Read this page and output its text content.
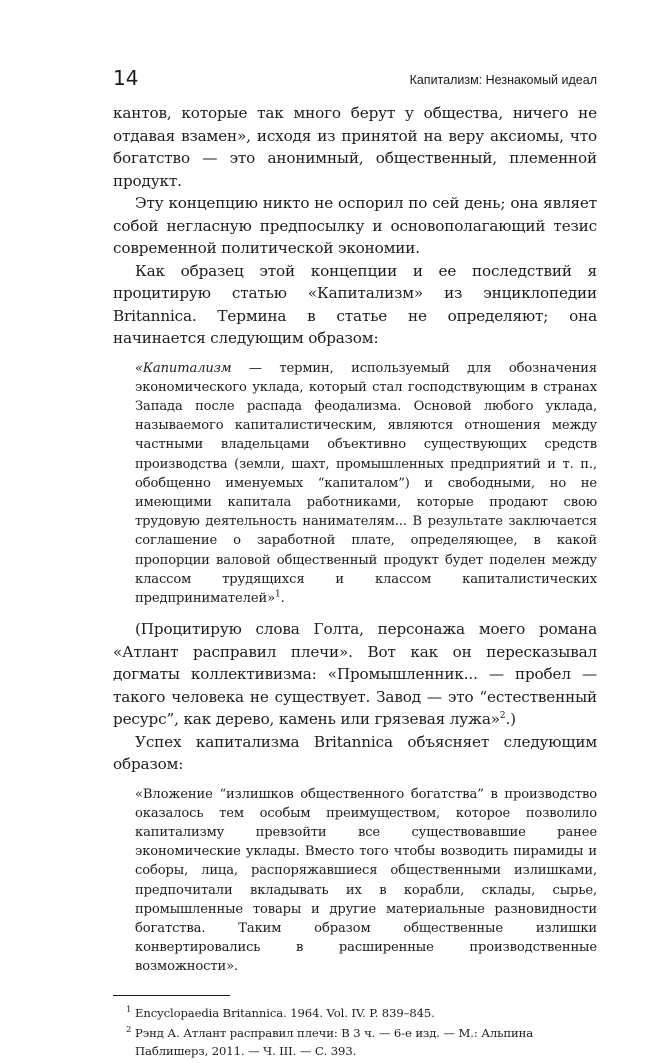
14	Капитализм: Незнакомый идеал

кантов, которые так много берут у общества, ничего не отдавая взамен», исходя из принятой на веру аксиомы, что богатство — это анонимный, общественный, племенной продукт.

Эту концепцию никто не оспорил по сей день; она являет собой негласную предпосылку и основополагающий тезис современной политической экономии.

Как образец этой концепции и ее последствий я процитирую статью «Капитализм» из энциклопедии Britannica. Термина в статье не определяют; она начинается следующим образом:

«Капитализм — термин, используемый для обозначения экономического уклада, который стал господствующим в странах Запада после распада феодализма. Основой любого уклада, называемого капиталистическим, являются отношения между частными владельцами объективно существующих средств производства (земли, шахт, промышленных предприятий и т. п., обобщенно именуемых “капиталом”) и свободными, но не имеющими капитала работниками, которые продают свою трудовую деятельность нанимателям... В результате заключается соглашение о заработной плате, определяющее, в какой пропорции валовой общественный продукт будет поделен между классом трудящихся и классом капиталистических предпринимателей»$^1$.

(Процитирую слова Голта, персонажа моего романа «Атлант расправил плечи». Вот как он пересказывал догматы коллективизма: «Промышленник... — пробел — такого человека не существует. Завод — это “естественный ресурс”, как дерево, камень или грязевая лужа»$^2$.)

Успех капитализма Britannica объясняет следующим образом:

«Вложение “излишков общественного богатства” в производство оказалось тем особым преимуществом, которое позволило капитализму превзойти все существовавшие ранее экономические уклады. Вместо того чтобы возводить пирамиды и соборы, лица, распоряжавшиеся общественными излишками, предпочитали вкладывать их в корабли, склады, сырье, промышленные товары и другие материальные разновидности богатства. Таким образом общественные излишки конвертировались в расширенные производственные возможности».
1 Encyclopaedia Britannica. 1964. Vol. IV. P. 839–845.
2 Рэнд А. Атлант расправил плечи: В 3 ч. — 6-е изд. — М.: Альпина Паблишерз, 2011. — Ч. III. — С. 393.
